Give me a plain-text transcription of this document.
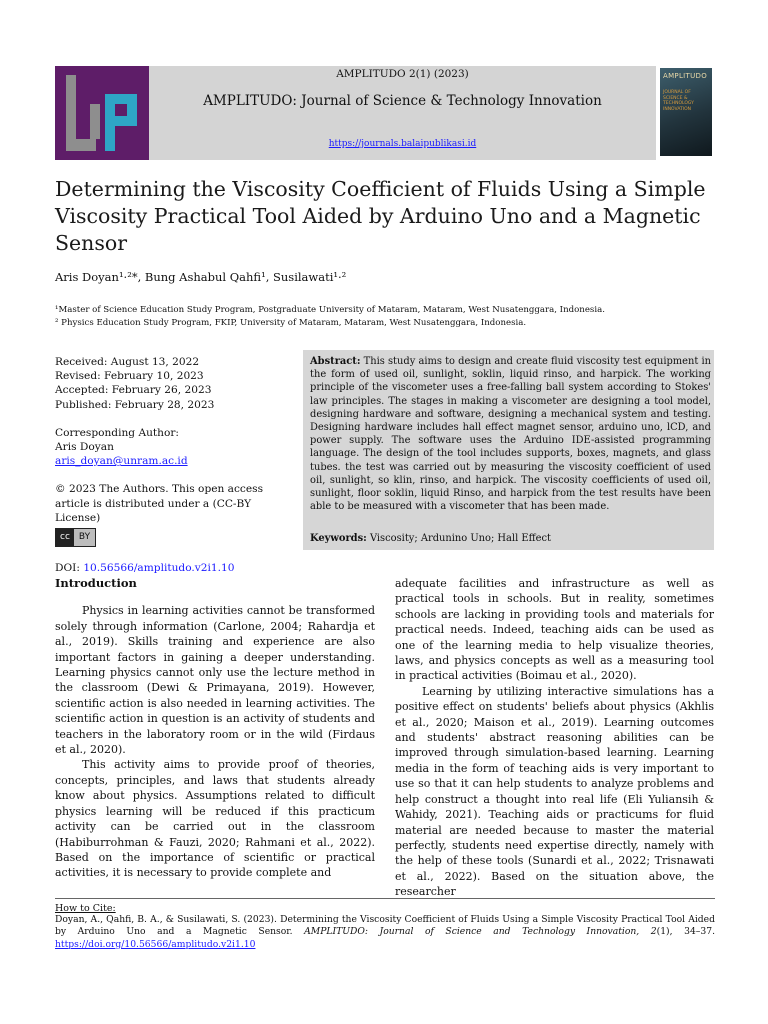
AMPLITUDO 2(1) (2023)
AMPLITUDO: Journal of Science & Technology Innovation
https://journals.balaipublikasi.id
AMPLITUDO
JOURNAL OF SCIENCE & TECHNOLOGY INNOVATION
Determining the Viscosity Coefficient of Fluids Using a Simple Viscosity Practical Tool Aided by Arduino Uno and a Magnetic Sensor
Aris Doyan¹·²*, Bung Ashabul Qahfi¹, Susilawati¹·²
¹Master of Science Education Study Program, Postgraduate University of Mataram, Mataram, West Nusatenggara, Indonesia.
² Physics Education Study Program, FKIP, University of Mataram, Mataram, West Nusatenggara, Indonesia.

Received: August 13, 2022

Revised: February 10, 2023

Accepted: February 26, 2023

Published: February 28, 2023

Corresponding Author:

Aris Doyan

aris_doyan@unram.ac.id

© 2023 The Authors. This open access article is distributed under a (CC-BY License)

cc	BY

DOI: 10.56566/amplitudo.v2i1.10

Abstract: This study aims to design and create fluid viscosity test equipment in the form of used oil, sunlight, soklin, liquid rinso, and harpick. The working principle of the viscometer uses a free-falling ball system according to Stokes' law principles. The stages in making a viscometer are designing a tool model, designing hardware and software, designing a mechanical system and testing. Designing hardware includes hall effect magnet sensor, arduino uno, lCD, and power supply. The software uses the Arduino IDE-assisted programming language. The design of the tool includes supports, boxes, magnets, and glass tubes. the test was carried out by measuring the viscosity coefficient of used oil, sunlight, so klin, rinso, and harpick. The viscosity coefficients of used oil, sunlight, floor soklin, liquid Rinso, and harpick from the test results have been able to be measured with a viscometer that has been made.
Keywords: Viscosity; Ardunino Uno; Hall Effect

Introduction

Physics in learning activities cannot be transformed solely through information (Carlone, 2004; Rahardja et al., 2019). Skills training and experience are also important factors in gaining a deeper understanding. Learning physics cannot only use the lecture method in the classroom (Dewi & Primayana, 2019). However, scientific action is also needed in learning activities. The scientific action in question is an activity of students and teachers in the laboratory room or in the wild (Firdaus et al., 2020).

This activity aims to provide proof of theories, concepts, principles, and laws that students already know about physics. Assumptions related to difficult physics learning will be reduced if this practicum activity can be carried out in the classroom (Habiburrohman & Fauzi, 2020; Rahmani et al., 2022). Based on the importance of scientific or practical activities, it is necessary to provide complete and

adequate facilities and infrastructure as well as practical tools in schools. But in reality, sometimes schools are lacking in providing tools and materials for practical needs. Indeed, teaching aids can be used as one of the learning media to help visualize theories, laws, and physics concepts as well as a measuring tool in practical activities (Boimau et al., 2020).

Learning by utilizing interactive simulations has a positive effect on students' beliefs about physics (Akhlis et al., 2020; Maison et al., 2019). Learning outcomes and students' abstract reasoning abilities can be improved through simulation-based learning. Learning media in the form of teaching aids is very important to use so that it can help students to analyze problems and help construct a thought into real life (Eli Yuliansih & Wahidy, 2021). Teaching aids or practicums for fluid material are needed because to master the material perfectly, students need expertise directly, namely with the help of these tools (Sunardi et al., 2022; Trisnawati et al., 2022). Based on the situation above, the researcher

How to Cite:
Doyan, A., Qahfi, B. A., & Susilawati, S. (2023). Determining the Viscosity Coefficient of Fluids Using a Simple Viscosity Practical Tool Aided by Arduino Uno and a Magnetic Sensor. AMPLITUDO: Journal of Science and Technology Innovation, 2(1), 34–37. https://doi.org/10.56566/amplitudo.v2i1.10
